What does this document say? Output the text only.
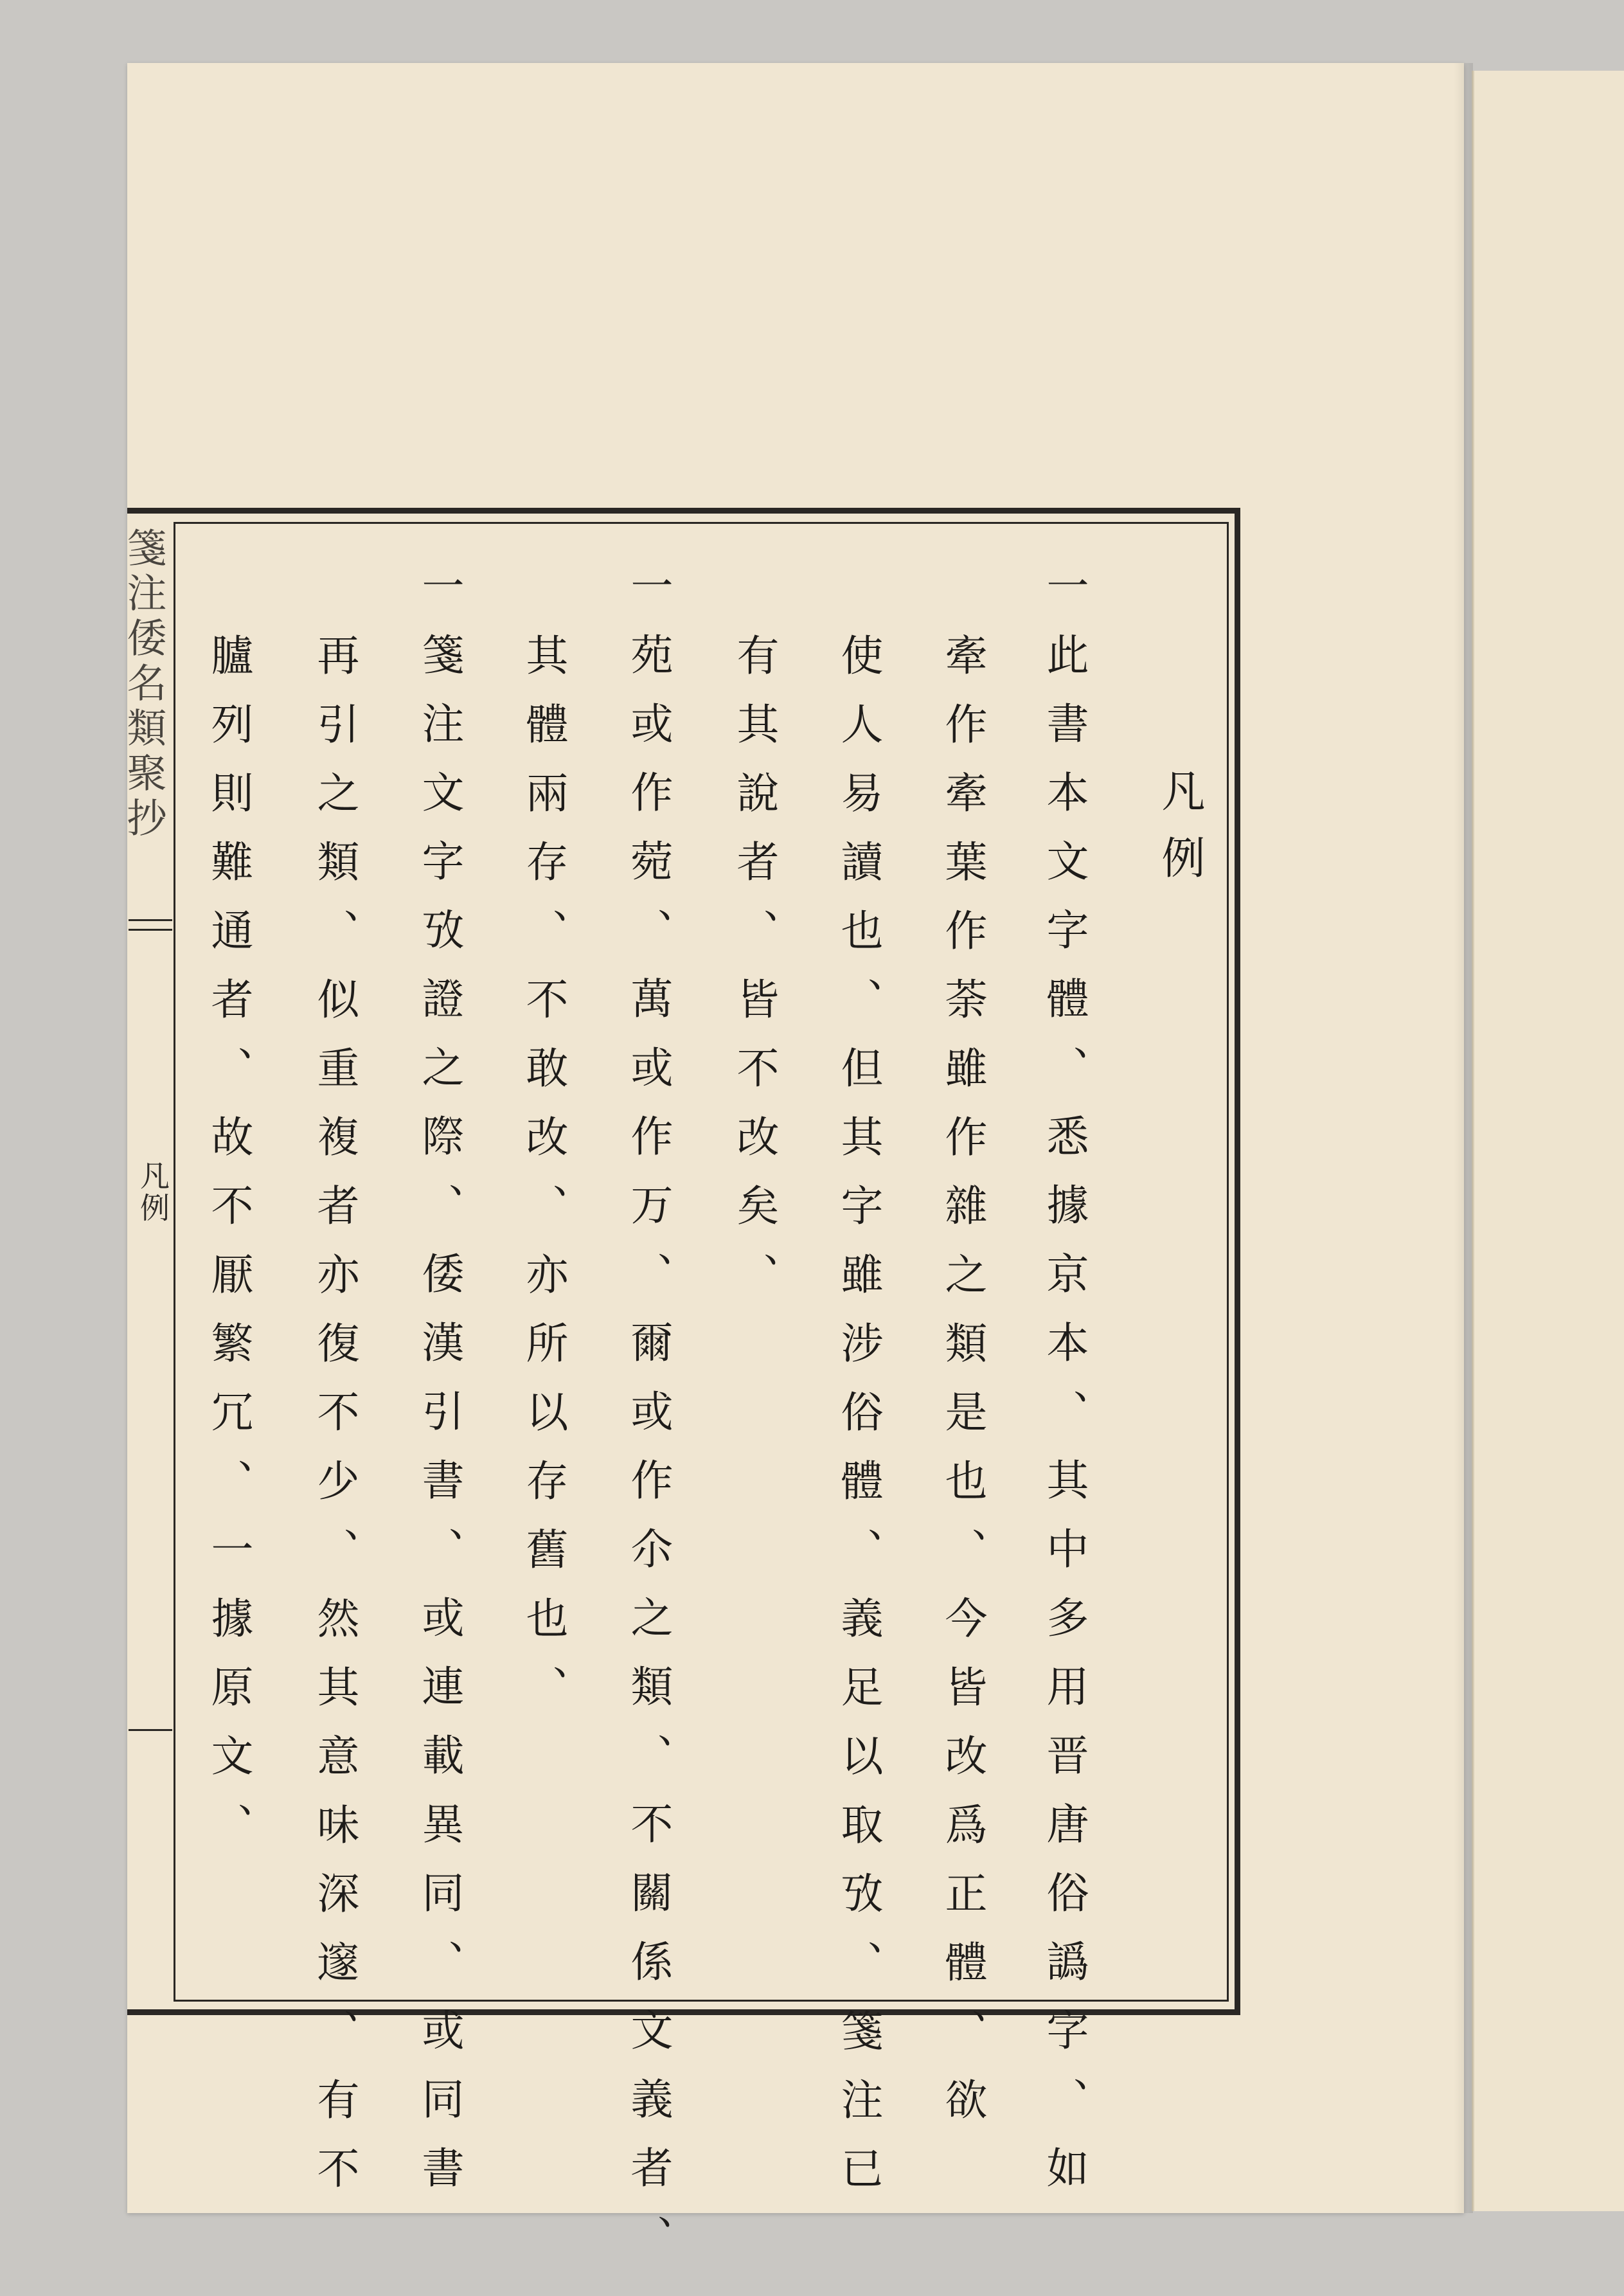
箋注倭名類聚抄
凡例
凡例
一此書本文字體、悉據京本、其中多用晋唐俗譌字、如
牽作牽葉作荼雖作雜之類是也、今皆改爲正體、欲
使人易讀也、但其字雖涉俗體、義足以取攷、箋注已
有其說者、皆不改矣、
一苑或作菀、萬或作万、爾或作尒之類、不關係文義者、
其體兩存、不敢改、亦所以存舊也、
一箋注文字攷證之際、倭漢引書、或連載異同、或同書
再引之類、似重複者亦復不少、然其意味深邃、有不
臚列則難通者、故不厭繁冗、一據原文、
